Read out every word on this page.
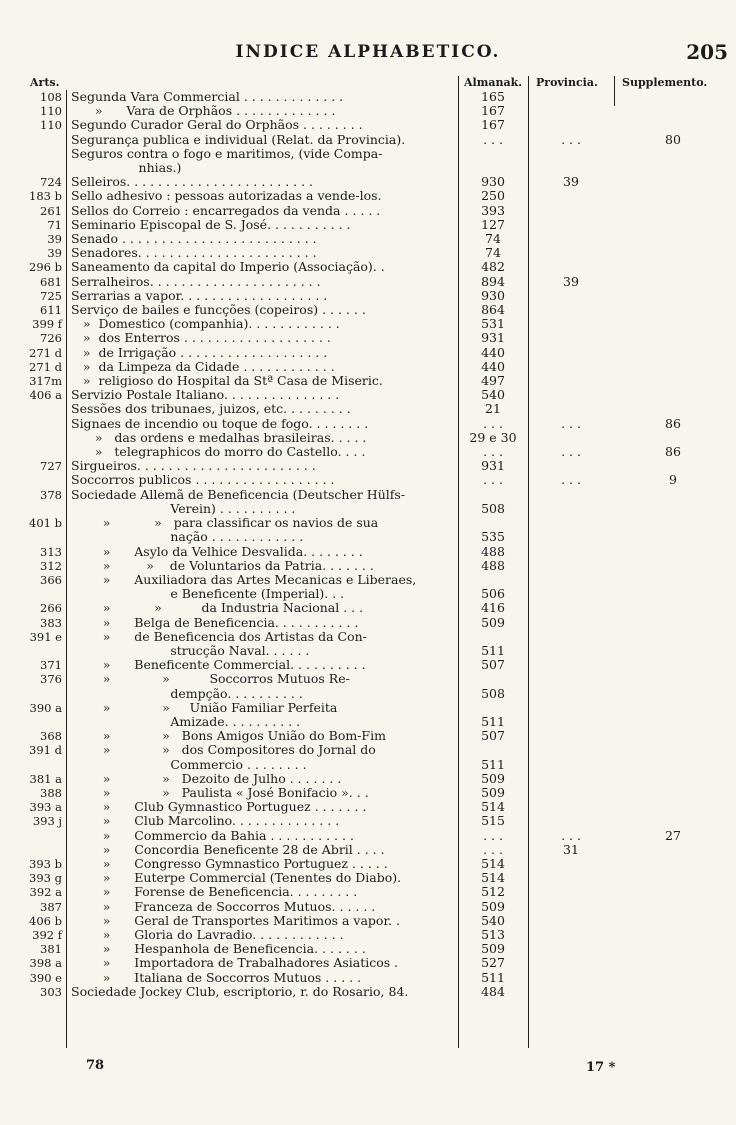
INDICE ALPHABETICO.	205
Arts.	Almanak. Provincia. Supplemento.
108	Segunda Vara Commercial . . . . . . . . . . . . .	165		
110	»      Vara de Orphãos . . . . . . . . . . . . .	167		
110	Segundo Curador Geral do Orphãos . . . . . . . .	167		
	Segurança publica e individual (Relat. da Provincia).	. . .	. . .	80
	Seguros contra o fogo e maritimos, (vide Compa-			
	nhias.)			
724	Selleiros. . . . . . . . . . . . . . . . . . . . . . . .	930	39	
183 b	Sello adhesivo : pessoas autorizadas a vende-los.	250		
261	Sellos do Correio : encarregados da venda . . . . .	393		
71	Seminario Episcopal de S. José. . . . . . . . . . .	127		
39	Senado . . . . . . . . . . . . . . . . . . . . . . . . .	74		
39	Senadores. . . . . . . . . . . . . . . . . . . . . . .	74		
296 b	Saneamento da capital do Imperio (Associação). .	482		
681	Serralheiros. . . . . . . . . . . . . . . . . . . . . .	894	39	
725	Serrarias a vapor. . . . . . . . . . . . . . . . . . .	930		
611	Serviço de bailes e funcções (copeiros) . . . . . .	864		
399 f	»  Domestico (companhia). . . . . . . . . . . .	531		
726	»  dos Enterros . . . . . . . . . . . . . . . . . . .	931		
271 d	»  de Irrigação . . . . . . . . . . . . . . . . . . .	440		
271 d	»  da Limpeza da Cidade . . . . . . . . . . . .	440		
317m	»  religioso do Hospital da Stª Casa de Miseric.	497		
406 a	Servizio Postale Italiano. . . . . . . . . . . . . . .	540		
	Sessões dos tribunaes, juizos, etc. . . . . . . . .	21		
	Signaes de incendio ou toque de fogo. . . . . . . .	. . .	. . .	86
	»   das ordens e medalhas brasileiras. . . . .	29 e 30		
	»   telegraphicos do morro do Castello. . . .	. . .	. . .	86
727	Sirgueiros. . . . . . . . . . . . . . . . . . . . . . .	931		
	Soccorros publicos . . . . . . . . . . . . . . . . . .	. . .	. . .	9
378	Sociedade Allemã de Beneficencia (Deutscher Hülfs-			
	Verein) . . . . . . . . . .	508		
401 b	»           »   para classificar os navios de sua			
	nação . . . . . . . . . . . .	535		
313	»      Asylo da Velhice Desvalida. . . . . . . .	488		
312	»         »    de Voluntarios da Patria. . . . . . .	488		
366	»      Auxiliadora das Artes Mecanicas e Liberaes,			
	e Beneficente (Imperial). . .	506		
266	»           »          da Industria Nacional . . .	416		
383	»      Belga de Beneficencia. . . . . . . . . . .	509		
391 e	»      de Beneficencia dos Artistas da Con-			
	strucção Naval. . . . . .	511		
371	»      Beneficente Commercial. . . . . . . . . .	507		
376	»             »          Soccorros Mutuos Re-			
	dempção. . . . . . . . . .	508		
390 a	»             »     União Familiar Perfeita			
	Amizade. . . . . . . . . .	511		
368	»             »   Bons Amigos União do Bom-Fim	507		
391 d	»             »   dos Compositores do Jornal do			
	Commercio . . . . . . . .	511		
381 a	»             »   Dezoito de Julho . . . . . . .	509		
388	»             »   Paulista « José Bonifacio ». . .	509		
393 a	»      Club Gymnastico Portuguez . . . . . . .	514		
393 j	»      Club Marcolino. . . . . . . . . . . . . .	515		
	»      Commercio da Bahia . . . . . . . . . . .	. . .	. . .	27
	»      Concordia Beneficente 28 de Abril . . . .	. . .	31	
393 b	»      Congresso Gymnastico Portuguez . . . . .	514		
393 g	»      Euterpe Commercial (Tenentes do Diabo).	514		
392 a	»      Forense de Beneficencia. . . . . . . . .	512		
387	»      Franceza de Soccorros Mutuos. . . . . .	509		
406 b	»      Geral de Transportes Maritimos a vapor. .	540		
392 f	»      Gloria do Lavradio. . . . . . . . . . . .	513		
381	»      Hespanhola de Beneficencia. . . . . . .	509		
398 a	»      Importadora de Trabalhadores Asiaticos .	527		
390 e	»      Italiana de Soccorros Mutuos . . . . .	511		
303	Sociedade Jockey Club, escriptorio, r. do Rosario, 84.	484		
78	17 *
